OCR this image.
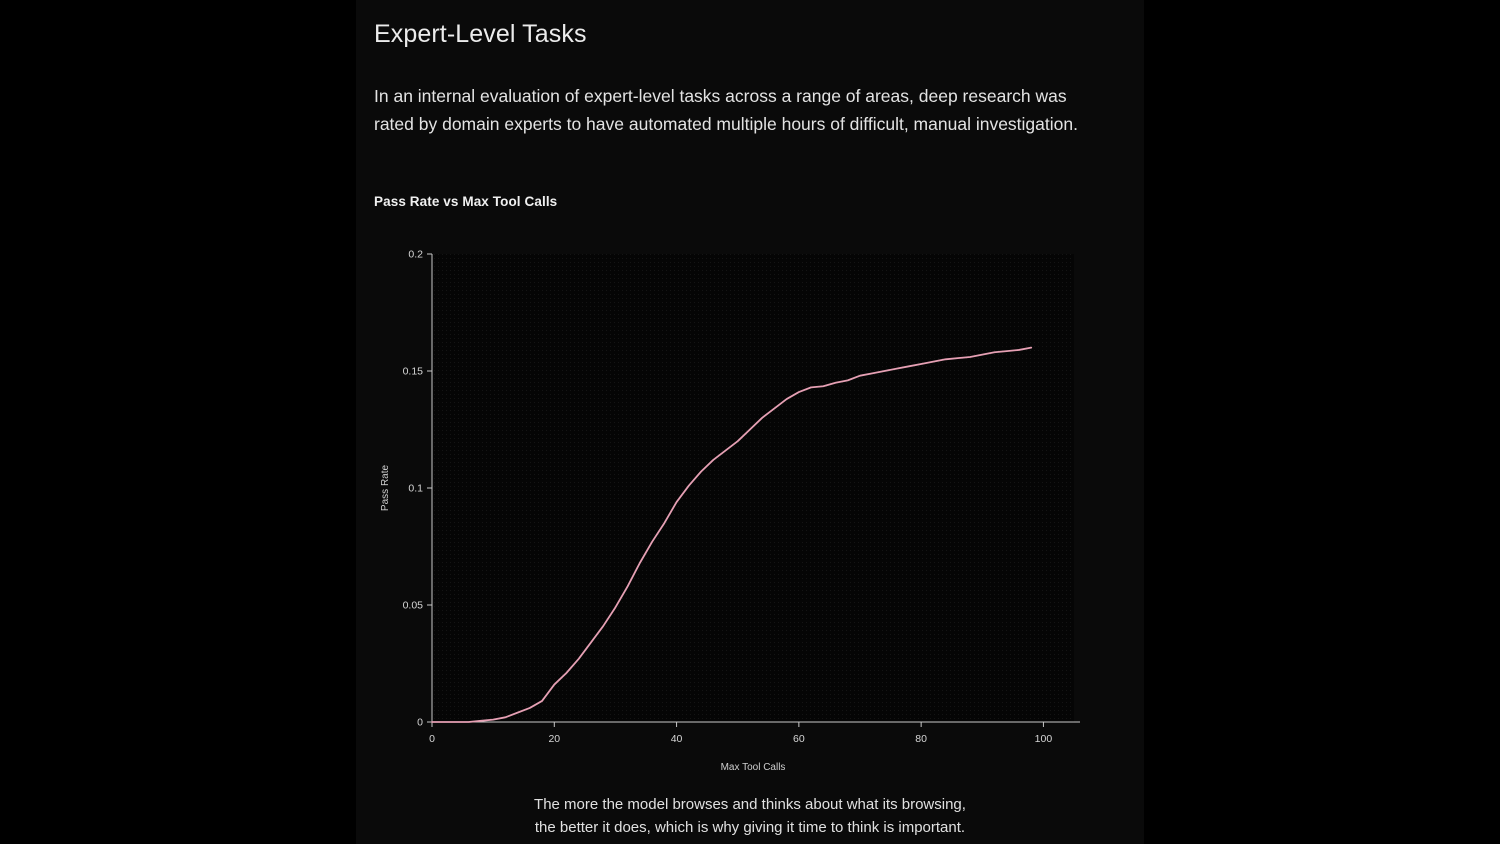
Expert-Level Tasks
In an internal evaluation of expert-level tasks across a range of areas, deep research was rated by domain experts to have automated multiple hours of difficult, manual investigation.
Pass Rate vs Max Tool Calls
0
0.05
0.1
0.15
0.2
0	20	40	60	80	100
Pass Rate
Max Tool Calls
The more the model browses and thinks about what its browsing,
the better it does, which is why giving it time to think is important.
